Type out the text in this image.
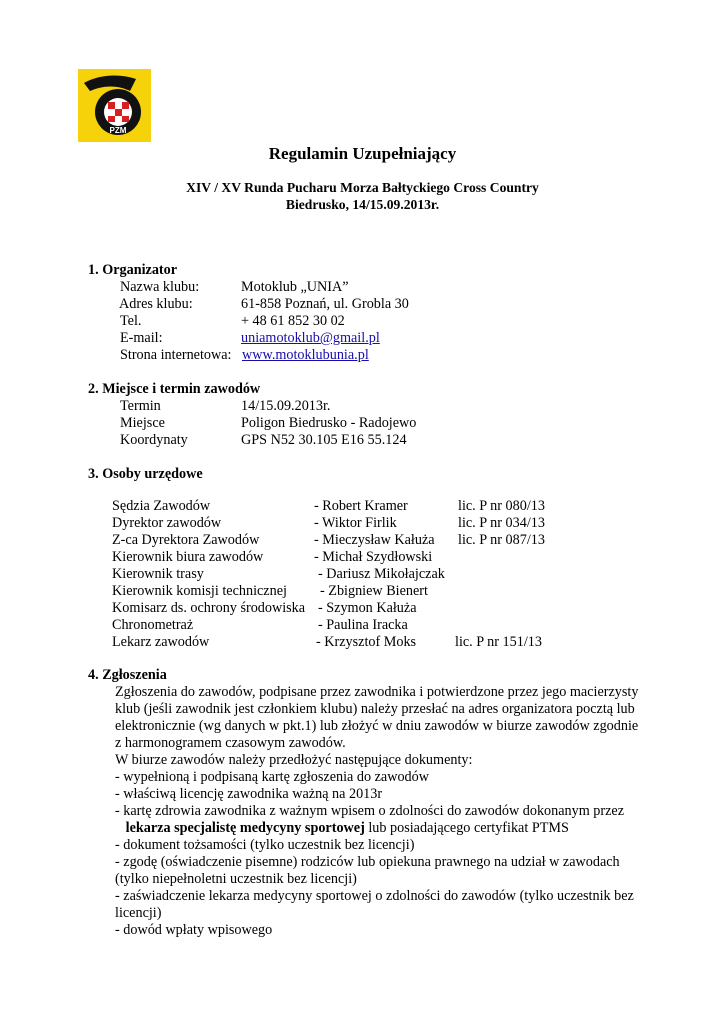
PZM
Regulamin Uzupełniający
XIV / XV Runda Pucharu Morza Bałtyckiego Cross Country
Biedrusko, 14/15.09.2013r.
1. Organizator
Nazwa klubu:	Motoklub „UNIA”
Adres klubu:	61-858 Poznań, ul. Grobla 30
Tel.	+ 48 61 852 30 02
E-mail:	uniamotoklub@gmail.pl
Strona internetowa: www.motoklubunia.pl
2. Miejsce i termin zawodów
Termin	14/15.09.2013r.
Miejsce	Poligon Biedrusko - Radojewo
Koordynaty	GPS N52 30.105 E16 55.124
3. Osoby urzędowe
Sędzia Zawodów	- Robert Kramer	lic. P nr 080/13
Dyrektor zawodów	- Wiktor Firlik	lic. P nr 034/13
Z-ca Dyrektora Zawodów	- Mieczysław Kałuża lic. P nr 087/13
Kierownik biura zawodów	- Michał Szydłowski
Kierownik trasy	- Dariusz Mikołajczak
Kierownik komisji technicznej - Zbigniew Bienert
Komisarz ds. ochrony środowiska - Szymon Kałuża
Chronometraż	- Paulina Iracka
Lekarz zawodów	- Krzysztof Moks	lic. P nr 151/13
4. Zgłoszenia
Zgłoszenia do zawodów, podpisane przez zawodnika i potwierdzone przez jego macierzysty
klub (jeśli zawodnik jest członkiem klubu) należy przesłać na adres organizatora pocztą lub
elektronicznie (wg danych w pkt.1) lub złożyć w dniu zawodów w biurze zawodów zgodnie
z harmonogramem czasowym zawodów.
W biurze zawodów należy przedłożyć następujące dokumenty:
- wypełnioną i podpisaną kartę zgłoszenia do zawodów
- właściwą licencję zawodnika ważną na 2013r
- kartę zdrowia zawodnika z ważnym wpisem o zdolności do zawodów dokonanym przez
lekarza specjalistę medycyny sportowej lub posiadającego certyfikat PTMS
- dokument tożsamości (tylko uczestnik bez licencji)
- zgodę (oświadczenie pisemne) rodziców lub opiekuna prawnego na udział w zawodach
(tylko niepełnoletni uczestnik bez licencji)
- zaświadczenie lekarza medycyny sportowej o zdolności do zawodów (tylko uczestnik bez
licencji)
- dowód wpłaty wpisowego
